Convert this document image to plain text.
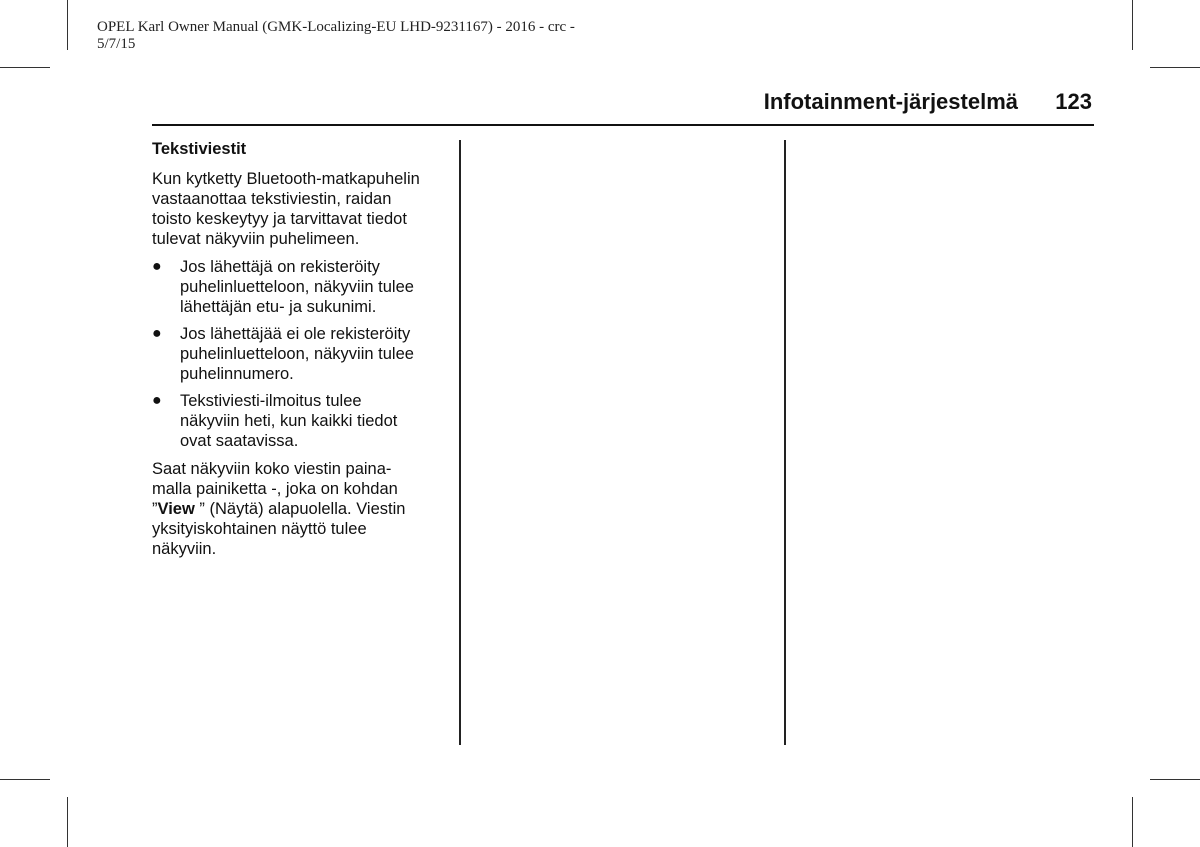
OPEL Karl Owner Manual (GMK-Localizing-EU LHD-9231167) - 2016 - crc -
5/7/15
Infotainment-järjestelmä 123
Tekstiviestit
Kun kytketty Bluetooth-matkapuhelin
vastaanottaa tekstiviestin, raidan
toisto keskeytyy ja tarvittavat tiedot
tulevat näkyviin puhelimeen.
● Jos lähettäjä on rekisteröity
puhelinluetteloon, näkyviin tulee
lähettäjän etu- ja sukunimi.
● Jos lähettäjää ei ole rekisteröity
puhelinluetteloon, näkyviin tulee
puhelinnumero.
● Tekstiviesti-ilmoitus tulee
näkyviin heti, kun kaikki tiedot
ovat saatavissa.
Saat näkyviin koko viestin paina-
malla painiketta -, joka on kohdan
”View ” (Näytä) alapuolella. Viestin
yksityiskohtainen näyttö tulee
näkyviin.
